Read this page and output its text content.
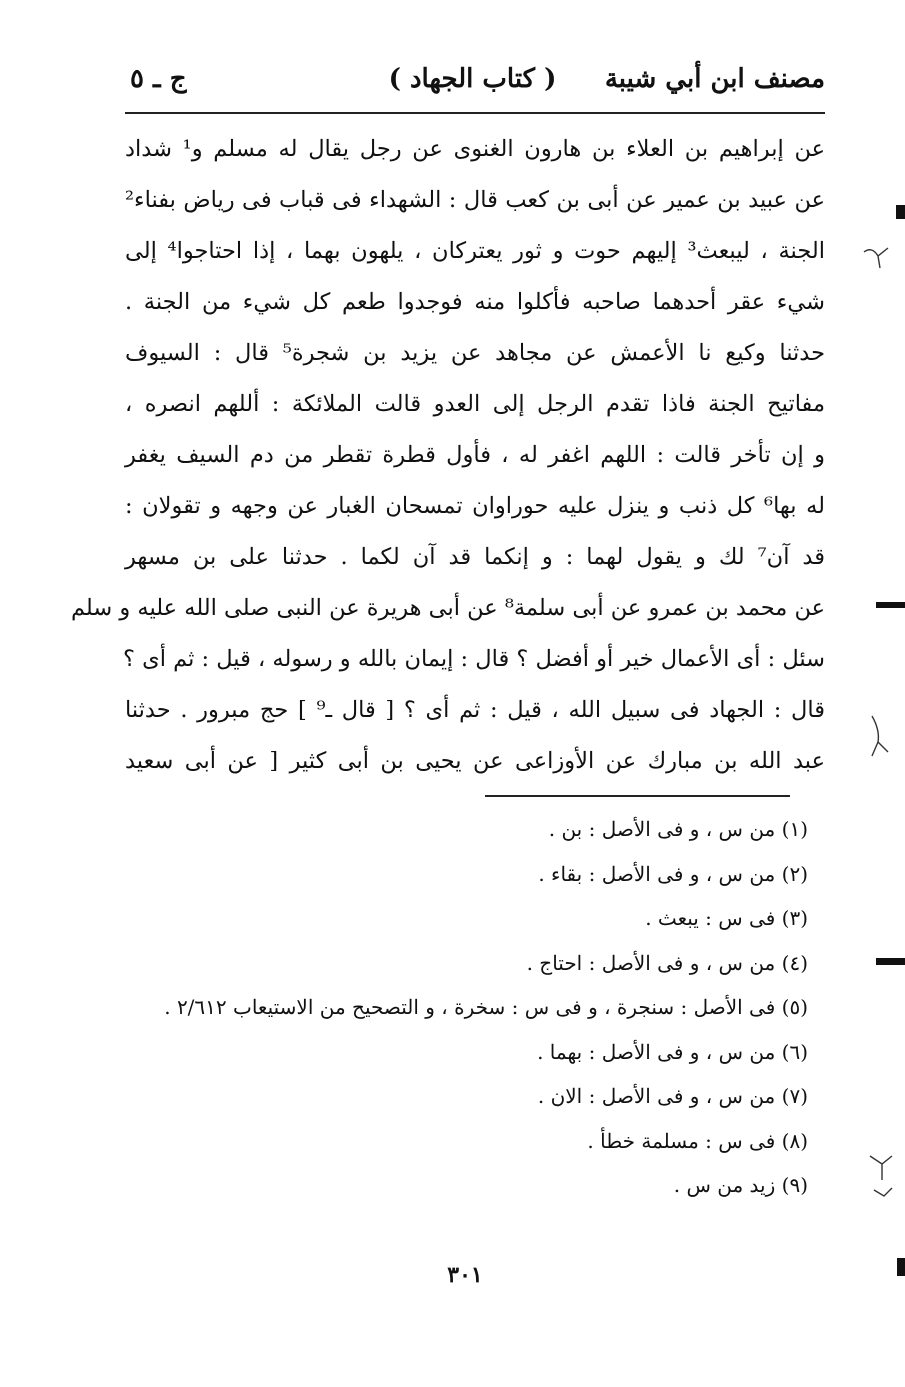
مصنف ابن أبي شيبة
( كتاب الجهاد )
ج ـ ٥
عن إبراهيم بن العلاء بن هارون الغنوى عن رجل يقال له مسلم و¹ شداد
عن عبيد بن عمير عن أبى بن كعب قال : الشهداء فى قباب فى رياض بفناء²
الجنة ، ليبعث³ إليهم حوت و ثور يعتركان ، يلهون بهما ، إذا احتاجوا⁴ إلى
شيء عقر أحدهما صاحبه فأكلوا منه فوجدوا طعم كل شيء من الجنة .
حدثنا وكيع نا الأعمش عن مجاهد عن يزيد بن شجرة⁵ قال : السيوف
مفاتيح الجنة فاذا تقدم الرجل إلى العدو قالت الملائكة : أللهم انصره ،
و إن تأخر قالت : اللهم اغفر له ، فأول قطرة تقطر من دم السيف يغفر
له بها⁶ كل ذنب و ينزل عليه حوراوان تمسحان الغبار عن وجهه و تقولان :
قد آن⁷ لك و يقول لهما : و إنكما قد آن لكما . حدثنا على بن مسهر
عن محمد بن عمرو عن أبى سلمة⁸ عن أبى هريرة عن النبى صلى الله عليه و سلم
سئل : أى الأعمال خير أو أفضل ؟ قال : إيمان بالله و رسوله ، قيل : ثم أى ؟
قال : الجهاد فى سبيل الله ، قيل : ثم أى ؟ [ قال ـ⁹ ] حج مبرور . حدثنا
عبد الله بن مبارك عن الأوزاعى عن يحيى بن أبى كثير [ عن أبى سعيد
(١) من س ، و فى الأصل : بن .
(٢) من س ، و فى الأصل : بقاء .
(٣) فى س : يبعث .
(٤) من س ، و فى الأصل : احتاج .
(٥) فى الأصل : سنجرة ، و فى س : سخرة ، و التصحيح من الاستيعاب ٢/٦١٢ .
(٦) من س ، و فى الأصل : بهما .
(٧) من س ، و فى الأصل : الان .
(٨) فى س : مسلمة خطأ .
(٩) زيد من س .
٣٠١
